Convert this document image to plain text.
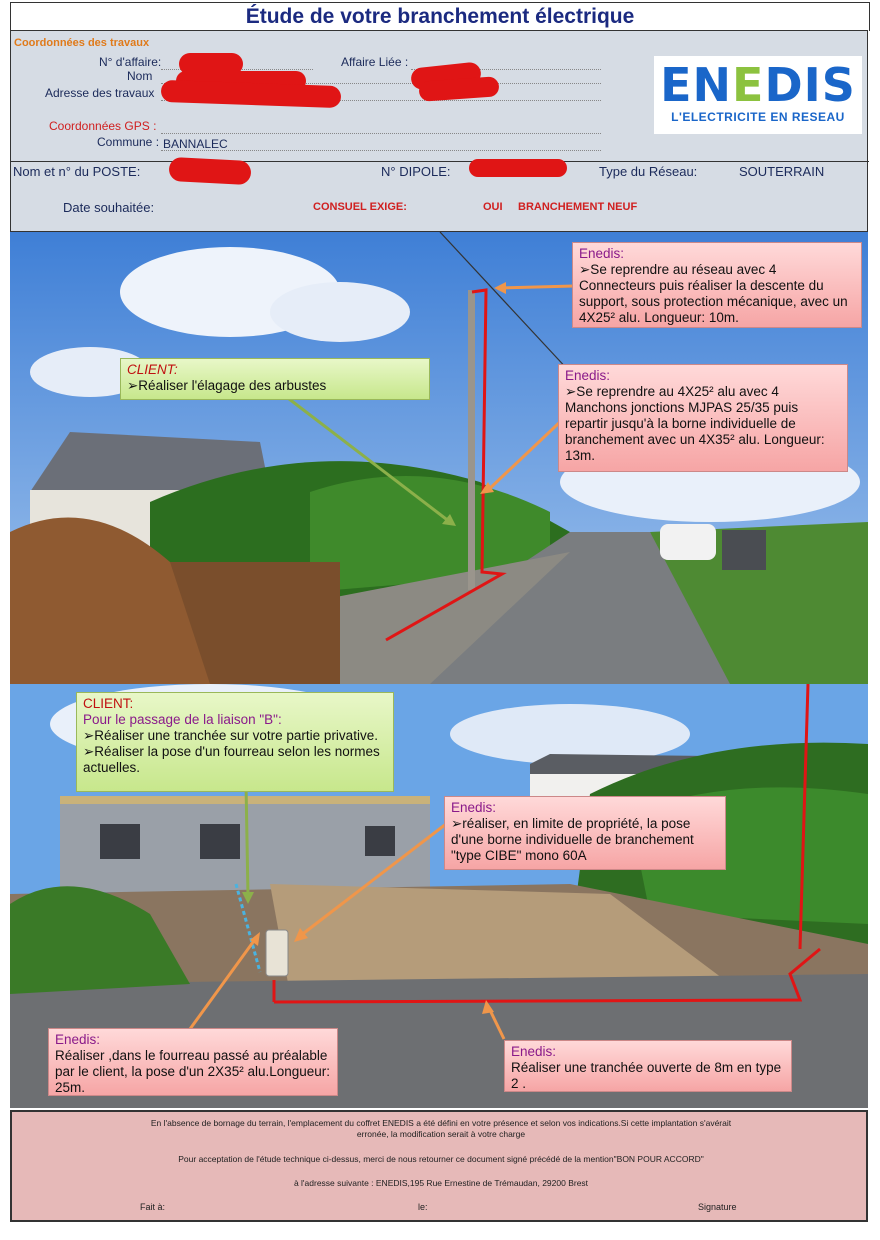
Étude de votre branchement électrique
Coordonnées des travaux
N° d'affaire:	Affaire Liée :
Nom
Adresse des travaux
Coordonnées GPS :
Commune : BANNALEC
Nom et n° du POSTE:	N° DIPOLE:	Type du Réseau:	SOUTERRAIN
Date souhaitée:	CONSUEL EXIGE:	OUI BRANCHEMENT NEUF
ENEDIS
L'ELECTRICITE EN RESEAU
Enedis:
➢Se reprendre au réseau avec 4 Connecteurs puis réaliser la descente du support, sous protection mécanique, avec un 4X25² alu. Longueur: 10m.
CLIENT:
➢Réaliser l'élagage des arbustes
Enedis:
➢Se reprendre au 4X25² alu avec 4 Manchons jonctions MJPAS 25/35 puis repartir jusqu'à la borne individuelle de branchement avec un 4X35² alu. Longueur: 13m.
CLIENT:
Pour le passage de la liaison "B":
➢Réaliser une tranchée sur votre partie privative.
➢Réaliser la pose d'un fourreau selon les normes actuelles.
Enedis:
➢réaliser, en limite de propriété, la pose d'une borne individuelle de branchement "type CIBE" mono 60A
Enedis:
Réaliser ,dans le fourreau passé au préalable par le client, la pose d'un 2X35² alu.Longueur: 25m.
Enedis:
Réaliser une tranchée ouverte de 8m en type 2 .
En l'absence de bornage du terrain, l'emplacement du coffret ENEDIS a été défini en votre présence et selon vos indications.Si cette implantation s'avérait
erronée, la modification serait à votre charge
Pour acceptation de l'étude technique ci-dessus, merci de nous retourner ce document signé précédé de la mention"BON POUR ACCORD"
à l'adresse suivante : ENEDIS,195 Rue Ernestine de Trémaudan, 29200 Brest
Fait à:	le:	Signature
